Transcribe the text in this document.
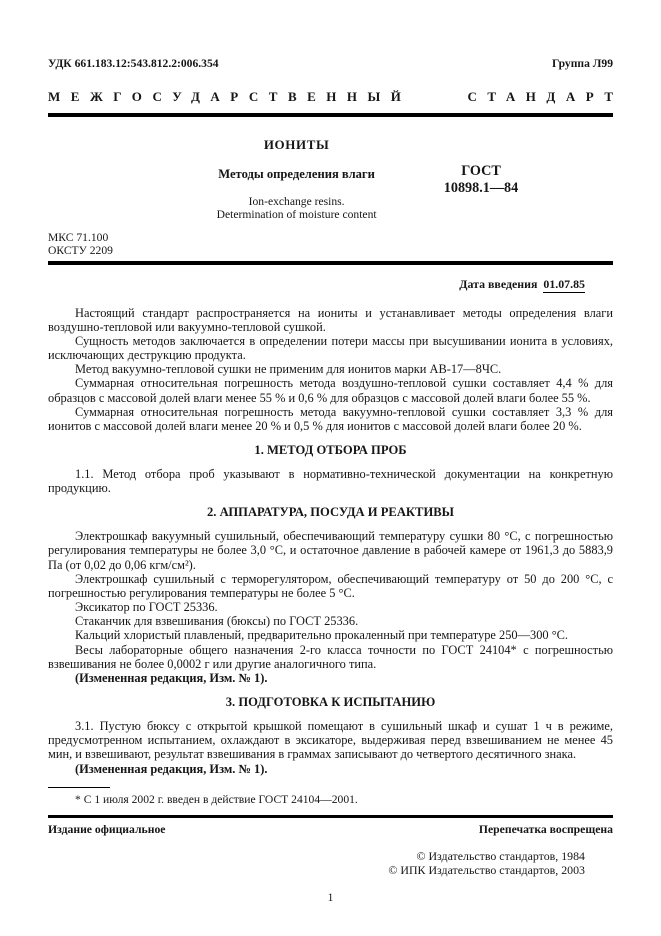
УДК 661.183.12:543.812.2:006.354	Группа Л99
МЕЖГОСУДАРСТВЕННЫЙ	СТАНДАРТ
ИОНИТЫ
Методы определения влаги
Ion-exchange resins.
Determination of moisture content
ГОСТ
10898.1—84
МКС 71.100
ОКСТУ 2209
Дата введения 01.07.85

Настоящий стандарт распространяется на иониты и устанавливает методы определения влаги воздушно-тепловой или вакуумно-тепловой сушкой.

Сущность методов заключается в определении потери массы при высушивании ионита в условиях, исключающих деструкцию продукта.

Метод вакуумно-тепловой сушки не применим для ионитов марки АВ-17—8ЧС.

Суммарная относительная погрешность метода воздушно-тепловой сушки составляет 4,4 % для образцов с массовой долей влаги менее 55 % и 0,6 % для образцов с массовой долей влаги более 55 %.

Суммарная относительная погрешность метода вакуумно-тепловой сушки составляет 3,3 % для ионитов с массовой долей влаги менее 20 % и 0,5 % для ионитов с массовой долей влаги более 20 %.

1. МЕТОД ОТБОРА ПРОБ

1.1. Метод отбора проб указывают в нормативно-технической документации на конкретную продукцию.

2. АППАРАТУРА, ПОСУДА И РЕАКТИВЫ

Электрошкаф вакуумный сушильный, обеспечивающий температуру сушки 80 °С, с погрешностью регулирования температуры не более 3,0 °С, и остаточное давление в рабочей камере от 1961,3 до 5883,9 Па (от 0,02 до 0,06 кгм/см²).

Электрошкаф сушильный с терморегулятором, обеспечивающий температуру от 50 до 200 °С, с погрешностью регулирования температуры не более 5 °С.

Эксикатор по ГОСТ 25336.

Стаканчик для взвешивания (бюксы) по ГОСТ 25336.

Кальций хлористый плавленый, предварительно прокаленный при температуре 250—300 °С.

Весы лабораторные общего назначения 2-го класса точности по ГОСТ 24104* с погрешностью взвешивания не более 0,0002 г или другие аналогичного типа.

(Измененная редакция, Изм. № 1).

3. ПОДГОТОВКА К ИСПЫТАНИЮ

3.1. Пустую бюксу с открытой крышкой помещают в сушильный шкаф и сушат 1 ч в режиме, предусмотренном испытанием, охлаждают в эксикаторе, выдерживая перед взвешиванием не менее 45 мин, и взвешивают, результат взвешивания в граммах записывают до четвертого десятичного знака.

(Измененная редакция, Изм. № 1).

* С 1 июля 2002 г. введен в действие ГОСТ 24104—2001.

Издание официальное	Перепечатка воспрещена
© Издательство стандартов, 1984
© ИПК Издательство стандартов, 2003
1
